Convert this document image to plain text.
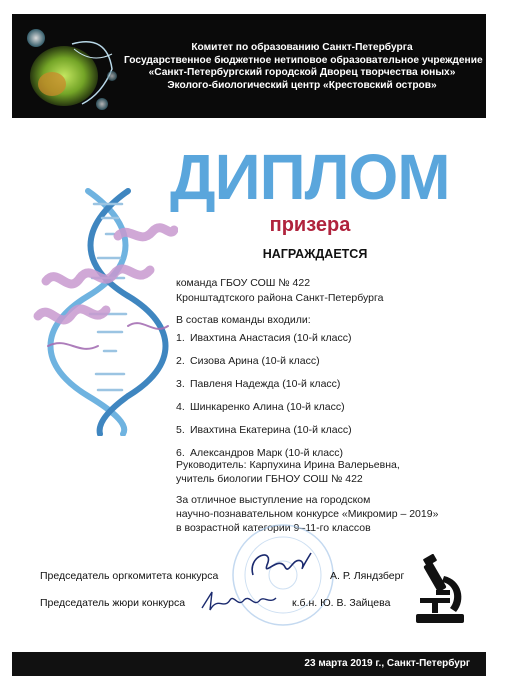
Комитет по образованию Санкт-Петербурга
Государственное бюджетное нетиповое образовательное учреждение
«Санкт-Петербургский городской Дворец творчества юных»
Эколого-биологический центр «Крестовский остров»
ДИПЛОМ
призера
НАГРАЖДАЕТСЯ
команда ГБОУ СОШ № 422
Кронштадтского района Санкт-Петербурга
В состав команды входили:
1. Ивахтина Анастасия (10-й класс)
2. Сизова Арина (10-й класс)
3. Павленя Надежда (10-й класс)
4. Шинкаренко Алина (10-й класс)
5. Ивахтина Екатерина (10-й класс)
6. Александров Марк (10-й класс)
Руководитель: Карпухина Ирина Валерьевна,
учитель биологии ГБНОУ СОШ № 422
За отличное выступление на городском
научно-познавательном конкурсе «Микромир – 2019»
в возрастной категории 9–11-го классов
Председатель оргкомитета конкурса	А. Р. Ляндзберг
Председатель жюри конкурса	к.б.н. Ю. В. Зайцева
23 марта 2019 г., Санкт-Петербург
